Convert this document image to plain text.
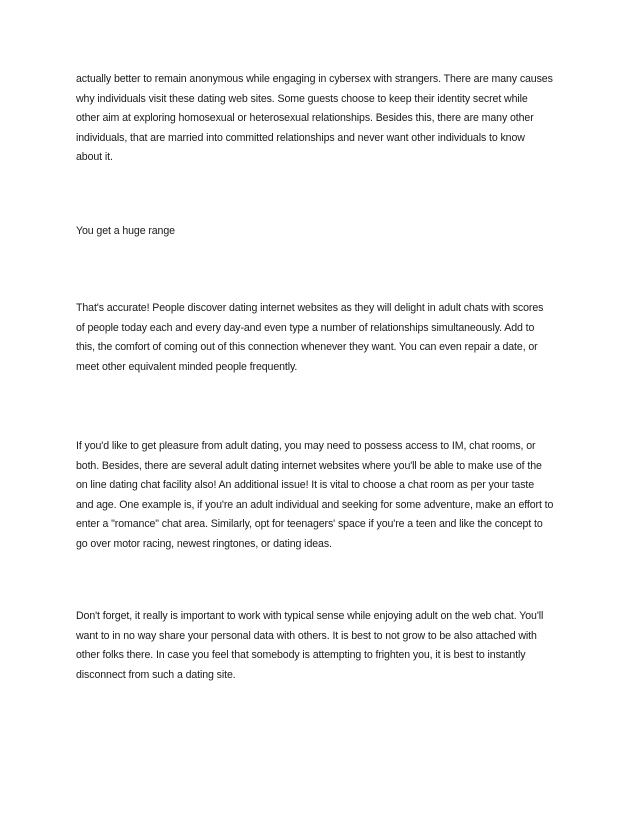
actually better to remain anonymous while engaging in cybersex with strangers. There are many causes
why individuals visit these dating web sites. Some guests choose to keep their identity secret while
other aim at exploring homosexual or heterosexual relationships. Besides this, there are many other
individuals, that are married into committed relationships and never want other individuals to know
about it.

You get a huge range

That's accurate! People discover dating internet websites as they will delight in adult chats with scores
of people today each and every day-and even type a number of relationships simultaneously. Add to
this, the comfort of coming out of this connection whenever they want. You can even repair a date, or
meet other equivalent minded people frequently.

If you'd like to get pleasure from adult dating, you may need to possess access to IM, chat rooms, or
both. Besides, there are several adult dating internet websites where you'll be able to make use of the
on line dating chat facility also! An additional issue! It is vital to choose a chat room as per your taste
and age. One example is, if you're an adult individual and seeking for some adventure, make an effort to
enter a "romance" chat area. Similarly, opt for teenagers' space if you're a teen and like the concept to
go over motor racing, newest ringtones, or dating ideas.

Don't forget, it really is important to work with typical sense while enjoying adult on the web chat. You'll
want to in no way share your personal data with others. It is best to not grow to be also attached with
other folks there. In case you feel that somebody is attempting to frighten you, it is best to instantly
disconnect from such a dating site.
